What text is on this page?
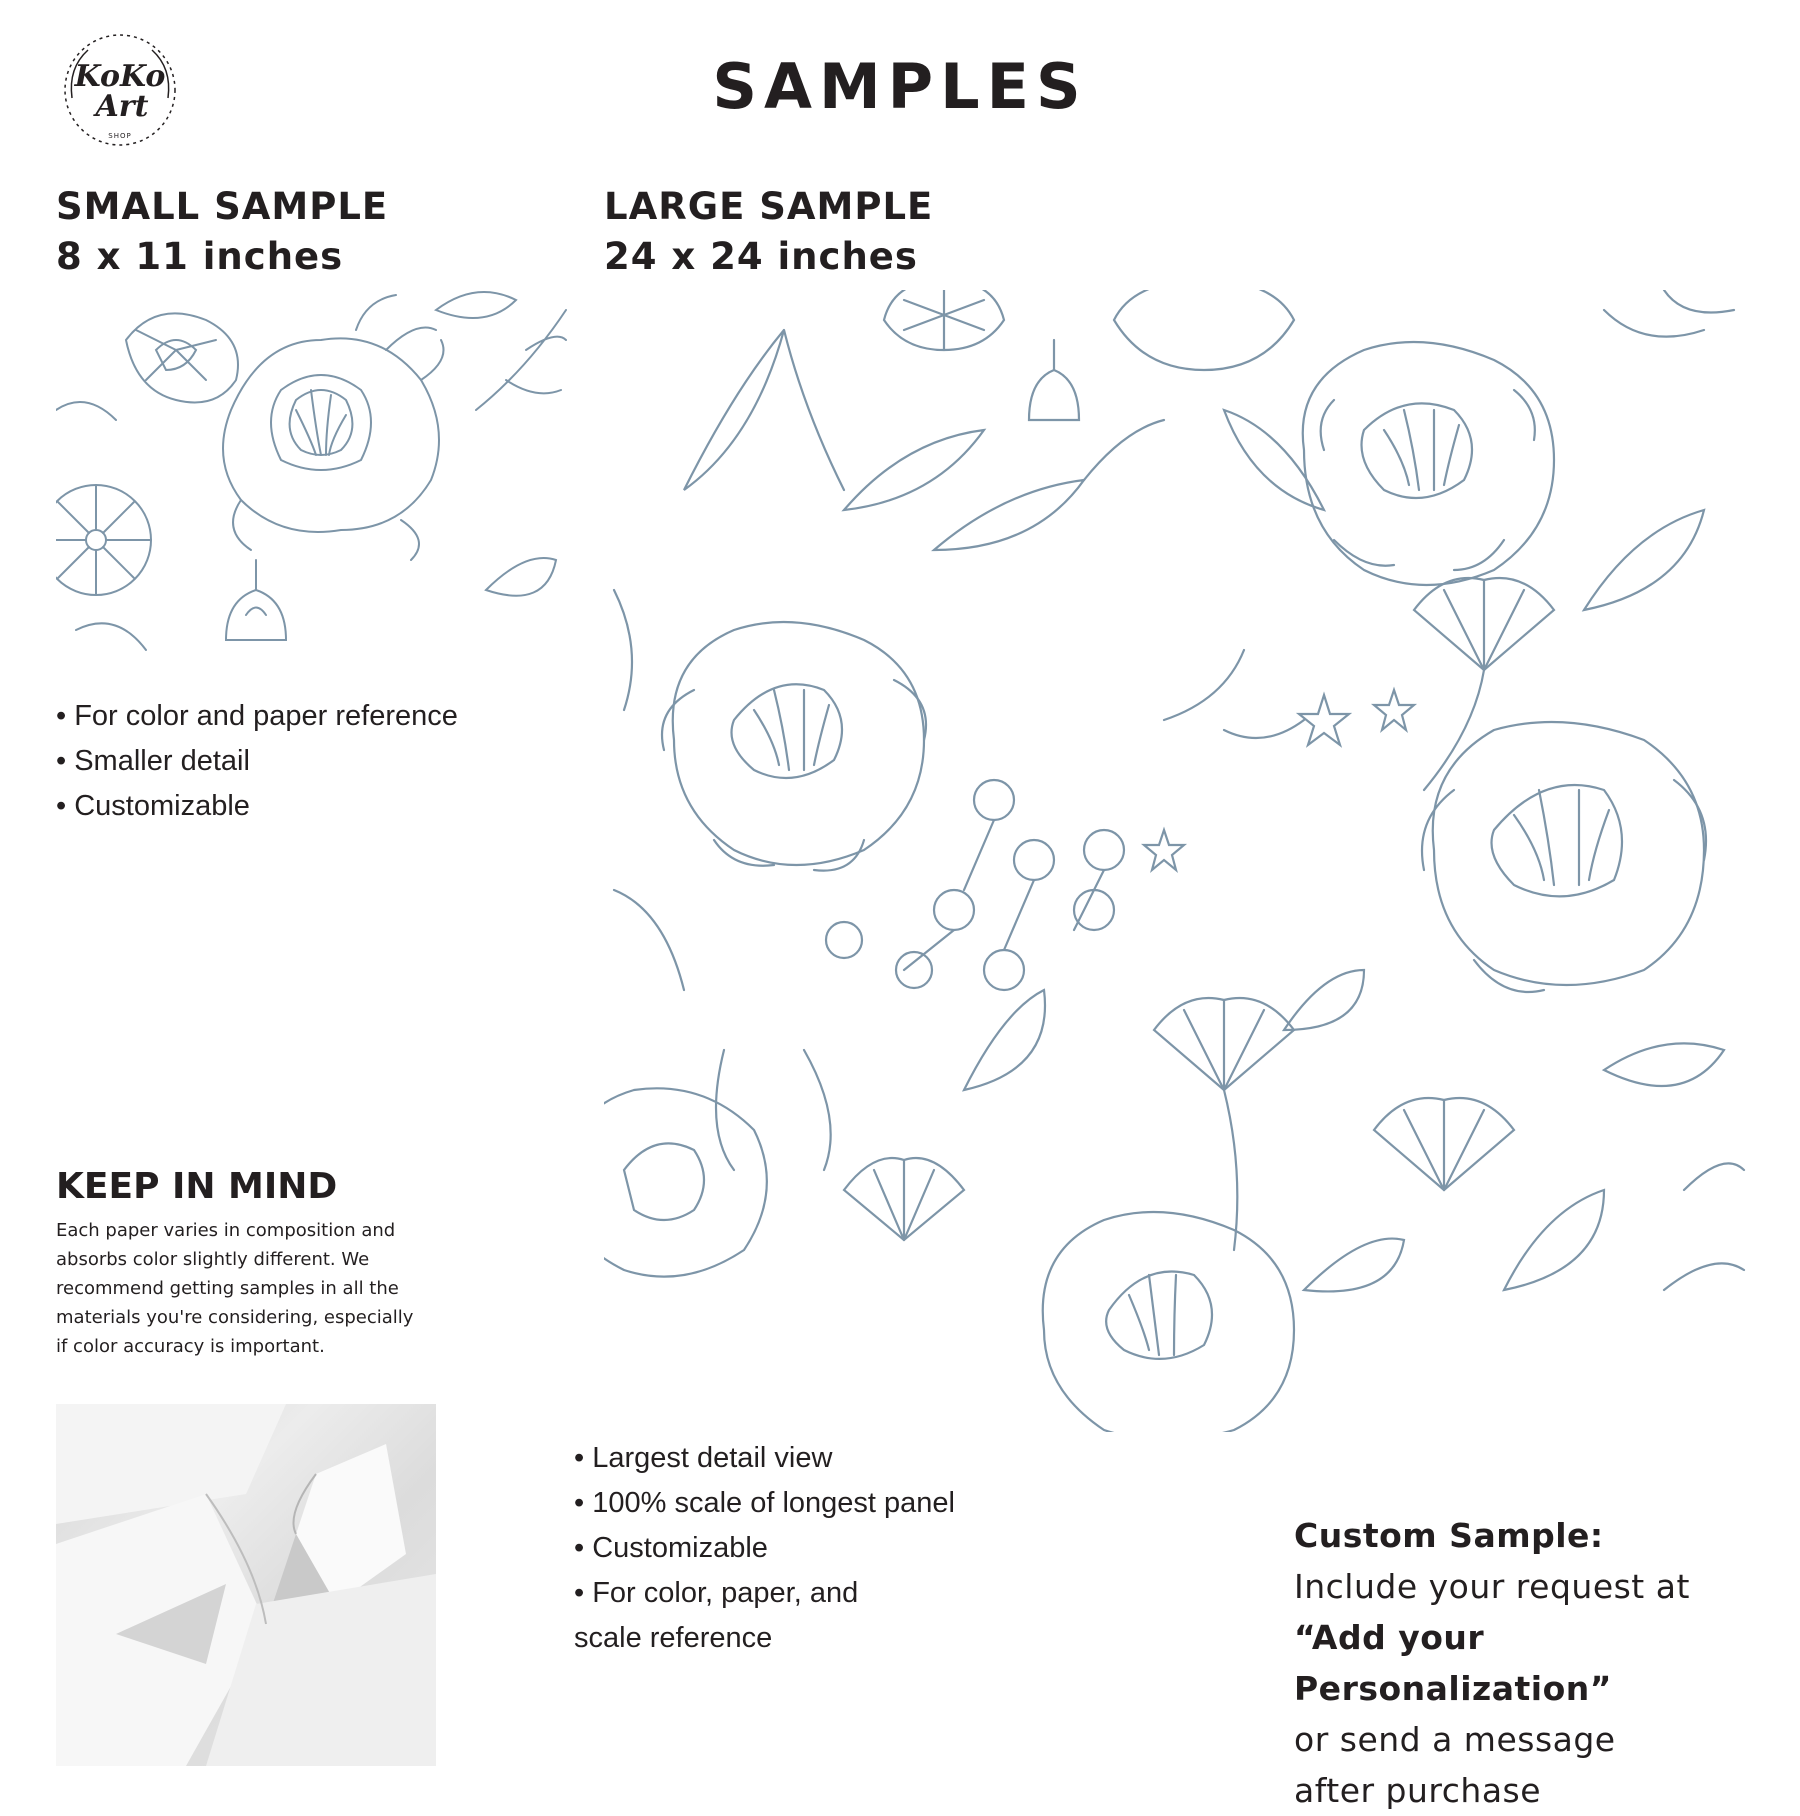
KoKo
Art
SHOP
SAMPLES
SMALL SAMPLE
8 x 11 inches
LARGE SAMPLE
24 x 24 inches
• For color and paper reference
• Smaller detail
• Customizable
• Largest detail view
• 100% scale of longest panel
• Customizable
• For color, paper, and
scale reference
KEEP IN MIND
Each paper varies in composition and absorbs color slightly different. We recommend getting samples in all the materials you're considering, especially if color accuracy is important.
Custom Sample:
Include your request at
“Add your Personalization”
or send a message
after purchase
